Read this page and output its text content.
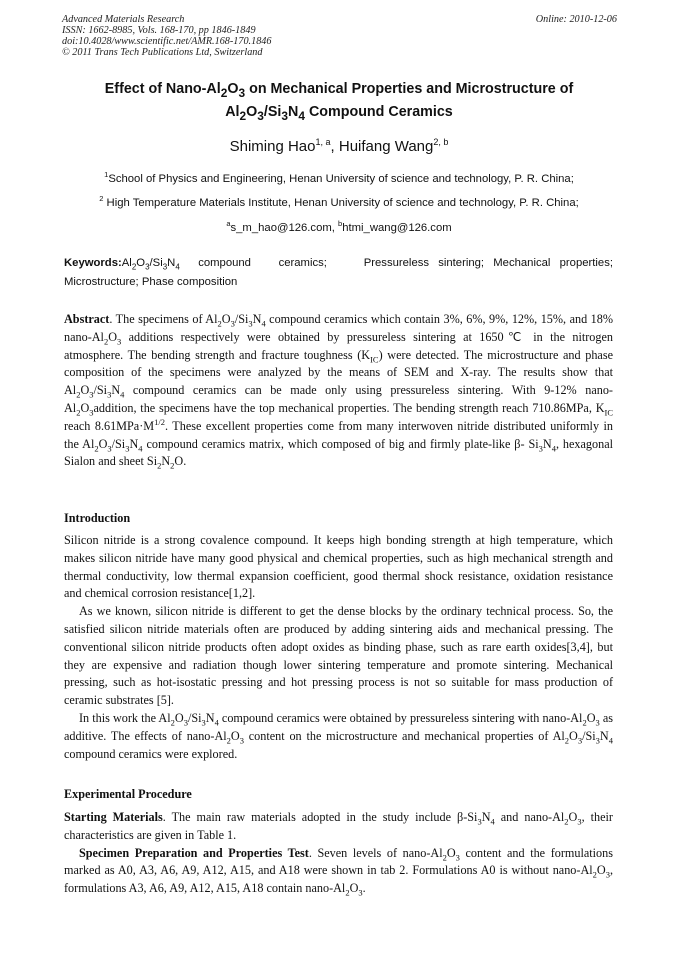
Advanced Materials Research
ISSN: 1662-8985, Vols. 168-170, pp 1846-1849
doi:10.4028/www.scientific.net/AMR.168-170.1846
© 2011 Trans Tech Publications Ltd, Switzerland
Online: 2010-12-06
Effect of Nano-$Al_2O_3$ on Mechanical Properties and Microstructure of
$Al_2O_3/Si_3N_4$ Compound Ceramics
Shiming Hao$^{1, a}$, Huifang Wang$^{2, b}$
$^1$School of Physics and Engineering, Henan University of science and technology, P. R. China;
$^2$ High Temperature Materials Institute, Henan University of science and technology, P. R. China;
$^a$s_m_hao@126.com, $^b$htmi_wang@126.com
$Keywords:Al_2O_3/Si_3N_4$  compound   ceramics;    Pressureless sintering; Mechanical properties; Microstructure; Phase composition

Abstract. The specimens of $Al_2O_3/Si_3N_4$ compound ceramics which contain 3%, 6%, 9%, 12%, 15%, and 18% nano-$Al_2O_3$ additions respectively were obtained by pressureless sintering at 1650℃ in the nitrogen atmosphere. The bending strength and fracture toughness $(K_{IC})$ were detected. The microstructure and phase composition of the specimens were analyzed by the means of SEM and X-ray. The results show that $Al_2O_3/Si_3N_4$ compound ceramics can be made only using pressureless sintering. With 9-12% nano-$Al_2O_3addition$, the specimens have the top mechanical properties. The bending strength reach 710.86MPa, $K_{IC}$ reach $8.61MPa\cdot M^{1/2}$. These excellent properties come from many interwoven nitride distributed uniformly in the $Al_2O_3/Si_3N_4$ compound ceramics matrix, which composed of big and firmly plate-like β- $Si_3N_4$, hexagonal Sialon and sheet $Si_2N_2O$.

Introduction

Silicon nitride is a strong covalence compound. It keeps high bonding strength at high temperature, which makes silicon nitride have many good physical and chemical properties, such as high mechanical strength and thermal conductivity, low thermal expansion coefficient, good thermal shock resistance, oxidation resistance and chemical corrosion resistance[1,2].

As we known, silicon nitride is different to get the dense blocks by the ordinary technical process. So, the satisfied silicon nitride materials often are produced by adding sintering aids and mechanical pressing. The conventional silicon nitride products often adopt oxides as binding phase, such as rare earth oxides[3,4], but they are expensive and radiation though lower sintering temperature and promote sintering. Mechanical pressing, such as hot-isostatic pressing and hot pressing process is not so suitable for mass production of ceramic substrates [5].

In this work the $Al_2O_3/Si_3N_4$ compound ceramics were obtained by pressureless sintering with nano-$Al_2O_3$ as additive. The effects of nano-$Al_2O_3$ content on the microstructure and mechanical properties of $Al_2O_3/Si_3N_4$ compound ceramics were explored.

Experimental Procedure

Starting Materials. The main raw materials adopted in the study include $\beta-Si_3N_4$ and nano-$Al_2O_3$, their characteristics are given in Table 1.

Specimen Preparation and Properties Test. Seven levels of nano-$Al_2O_3$ content and the formulations marked as A0, A3, A6, A9, A12, A15, and A18 were shown in tab 2. Formulations A0 is without nano-$Al_2O_3$, formulations A3, A6, A9, A12, A15, A18 contain nano-$Al_2O_3$.
